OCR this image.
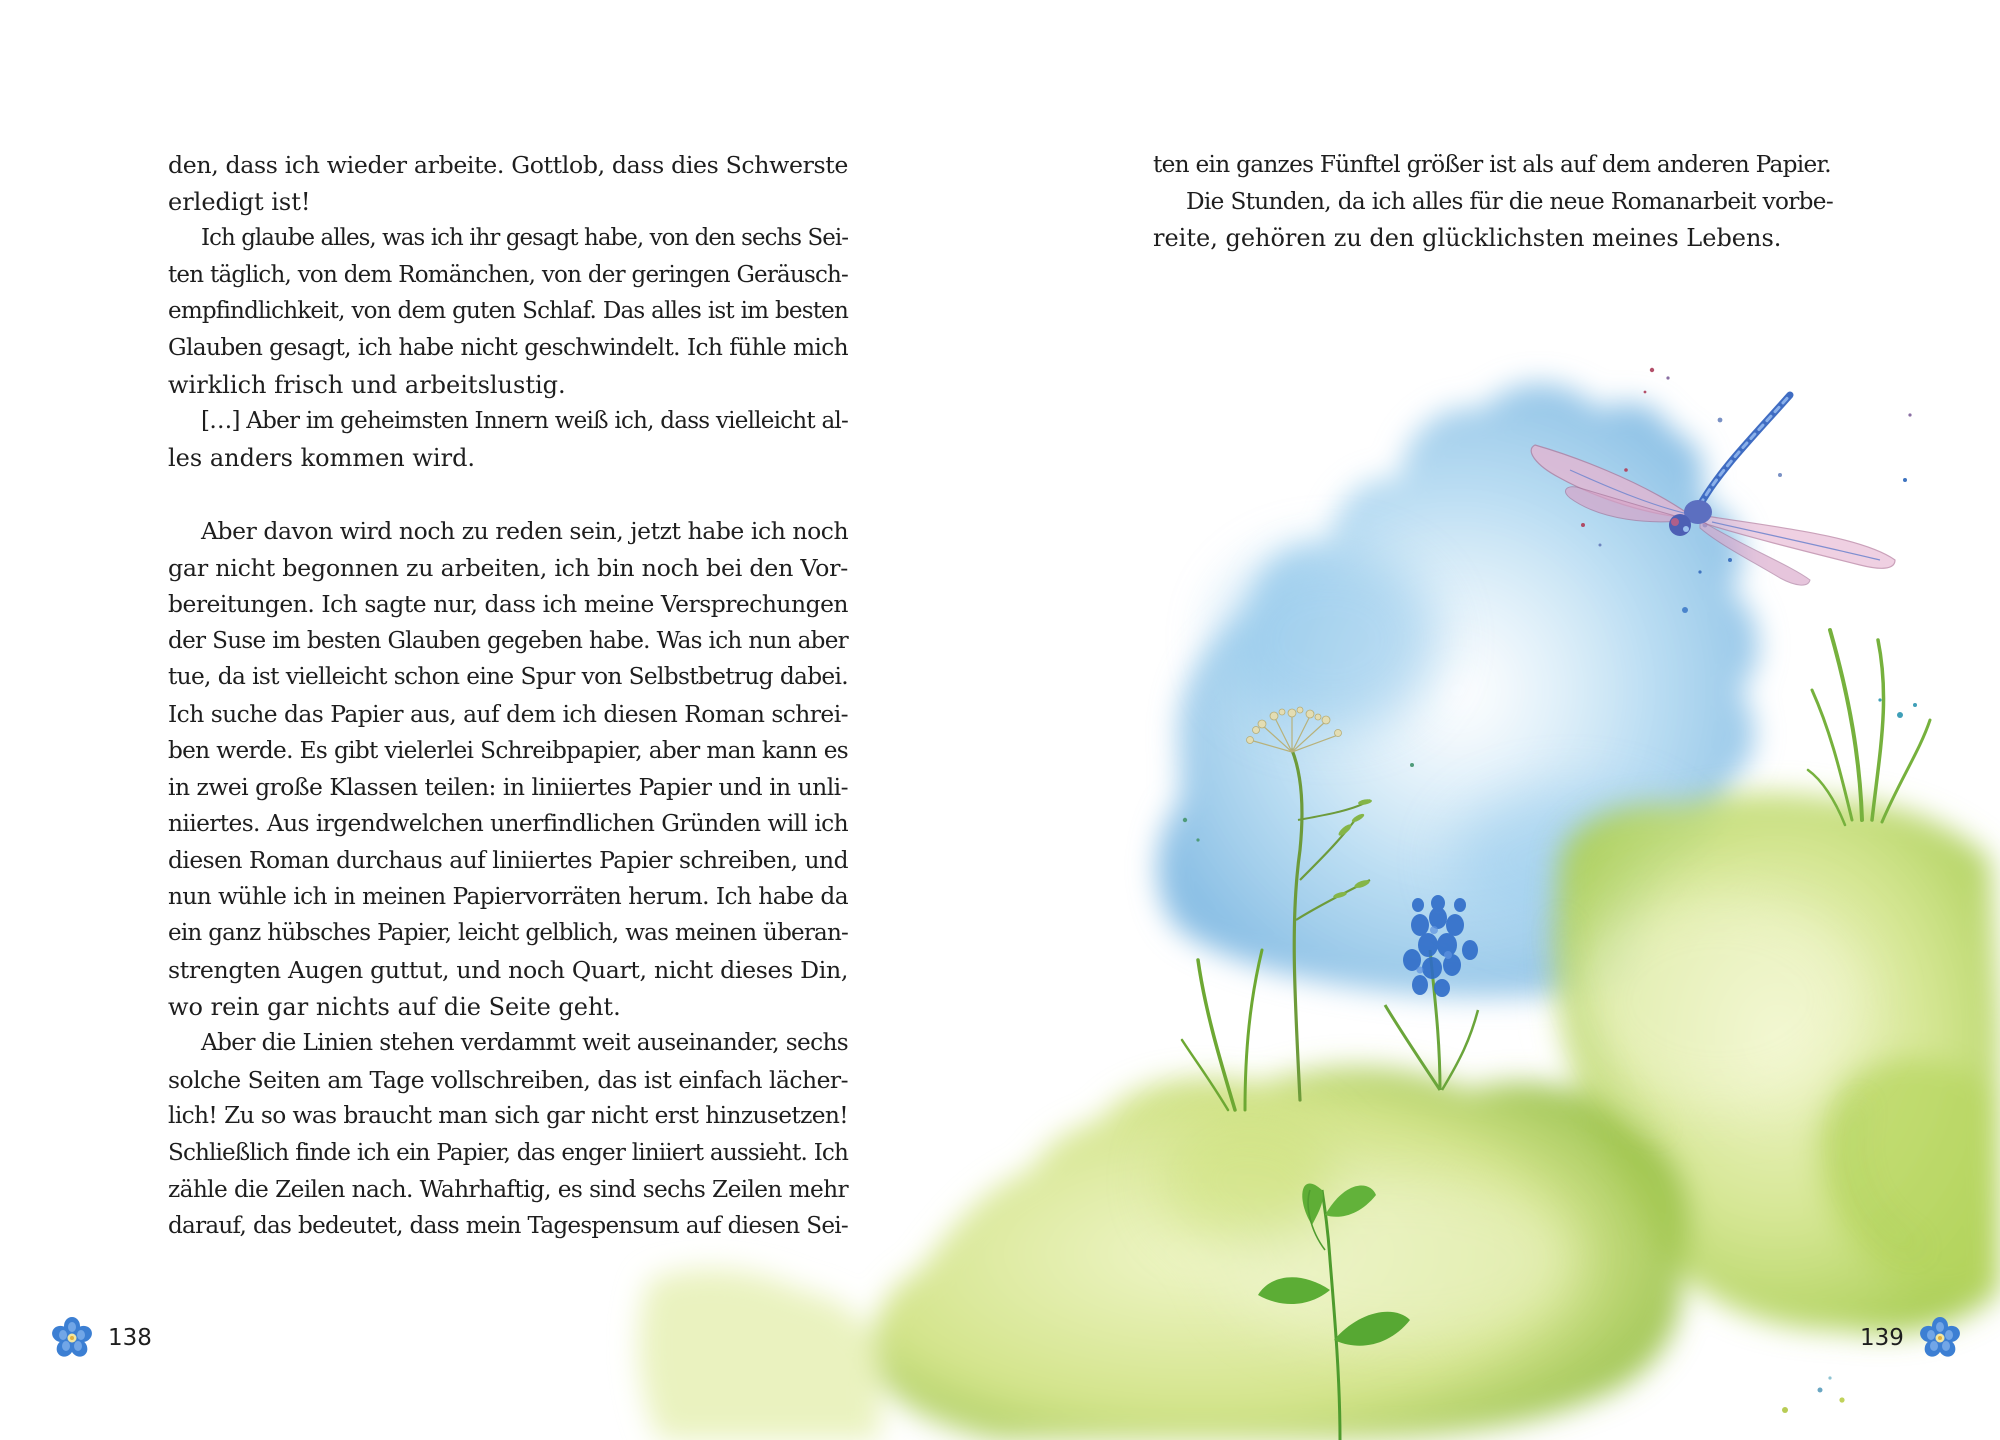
den, dass ich wieder arbeite. Gottlob, dass dies Schwerste
erledigt ist!
Ich glaube alles, was ich ihr gesagt habe, von den sechs Sei-
ten täglich, von dem Romänchen, von der geringen Geräusch-
empfindlichkeit, von dem guten Schlaf. Das alles ist im besten
Glauben gesagt, ich habe nicht geschwindelt. Ich fühle mich
wirklich frisch und arbeitslustig.
[…] Aber im geheimsten Innern weiß ich, dass vielleicht al-
les anders kommen wird.
Aber davon wird noch zu reden sein, jetzt habe ich noch
gar nicht begonnen zu arbeiten, ich bin noch bei den Vor-
bereitungen. Ich sagte nur, dass ich meine Versprechungen
der Suse im besten Glauben gegeben habe. Was ich nun aber
tue, da ist vielleicht schon eine Spur von Selbstbetrug dabei.
Ich suche das Papier aus, auf dem ich diesen Roman schrei-
ben werde. Es gibt vielerlei Schreibpapier, aber man kann es
in zwei große Klassen teilen: in liniiertes Papier und in unli-
niiertes. Aus irgendwelchen unerfindlichen Gründen will ich
diesen Roman durchaus auf liniiertes Papier schreiben, und
nun wühle ich in meinen Papiervorräten herum. Ich habe da
ein ganz hübsches Papier, leicht gelblich, was meinen überan-
strengten Augen guttut, und noch Quart, nicht dieses Din,
wo rein gar nichts auf die Seite geht.
Aber die Linien stehen verdammt weit auseinander, sechs
solche Seiten am Tage vollschreiben, das ist einfach lächer-
lich! Zu so was braucht man sich gar nicht erst hinzusetzen!
Schließlich finde ich ein Papier, das enger liniiert aussieht. Ich
zähle die Zeilen nach. Wahrhaftig, es sind sechs Zeilen mehr
darauf, das bedeutet, dass mein Tagespensum auf diesen Sei-
ten ein ganzes Fünftel größer ist als auf dem anderen Papier.
Die Stunden, da ich alles für die neue Romanarbeit vorbe-
reite, gehören zu den glücklichsten meines Lebens.
138	139
